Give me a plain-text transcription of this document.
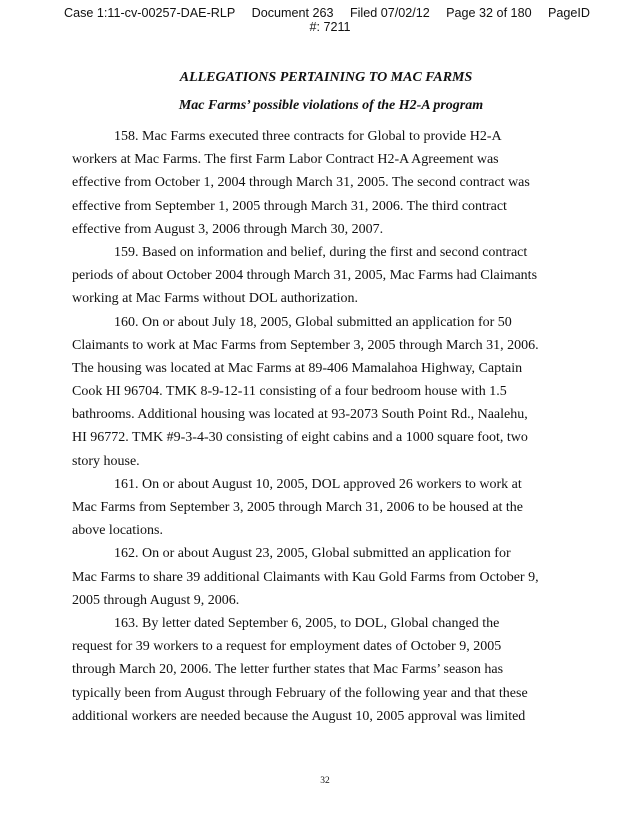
Case 1:11-cv-00257-DAE-RLP Document 263 Filed 07/02/12 Page 32 of 180 PageID
#: 7211
ALLEGATIONS PERTAINING TO MAC FARMS
Mac Farms’ possible violations of the H2-A program
158. Mac Farms executed three contracts for Global to provide H2-A
workers at Mac Farms. The first Farm Labor Contract H2-A Agreement was
effective from October 1, 2004 through March 31, 2005. The second contract was
effective from September 1, 2005 through March 31, 2006. The third contract
effective from August 3, 2006 through March 30, 2007.
159. Based on information and belief, during the first and second contract
periods of about October 2004 through March 31, 2005, Mac Farms had Claimants
working at Mac Farms without DOL authorization.
160. On or about July 18, 2005, Global submitted an application for 50
Claimants to work at Mac Farms from September 3, 2005 through March 31, 2006.
The housing was located at Mac Farms at 89-406 Mamalahoa Highway, Captain
Cook HI 96704. TMK 8-9-12-11 consisting of a four bedroom house with 1.5
bathrooms. Additional housing was located at 93-2073 South Point Rd., Naalehu,
HI 96772. TMK #9-3-4-30 consisting of eight cabins and a 1000 square foot, two
story house.
161. On or about August 10, 2005, DOL approved 26 workers to work at
Mac Farms from September 3, 2005 through March 31, 2006 to be housed at the
above locations.
162. On or about August 23, 2005, Global submitted an application for
Mac Farms to share 39 additional Claimants with Kau Gold Farms from October 9,
2005 through August 9, 2006.
163. By letter dated September 6, 2005, to DOL, Global changed the
request for 39 workers to a request for employment dates of October 9, 2005
through March 20, 2006. The letter further states that Mac Farms’ season has
typically been from August through February of the following year and that these
additional workers are needed because the August 10, 2005 approval was limited
32
